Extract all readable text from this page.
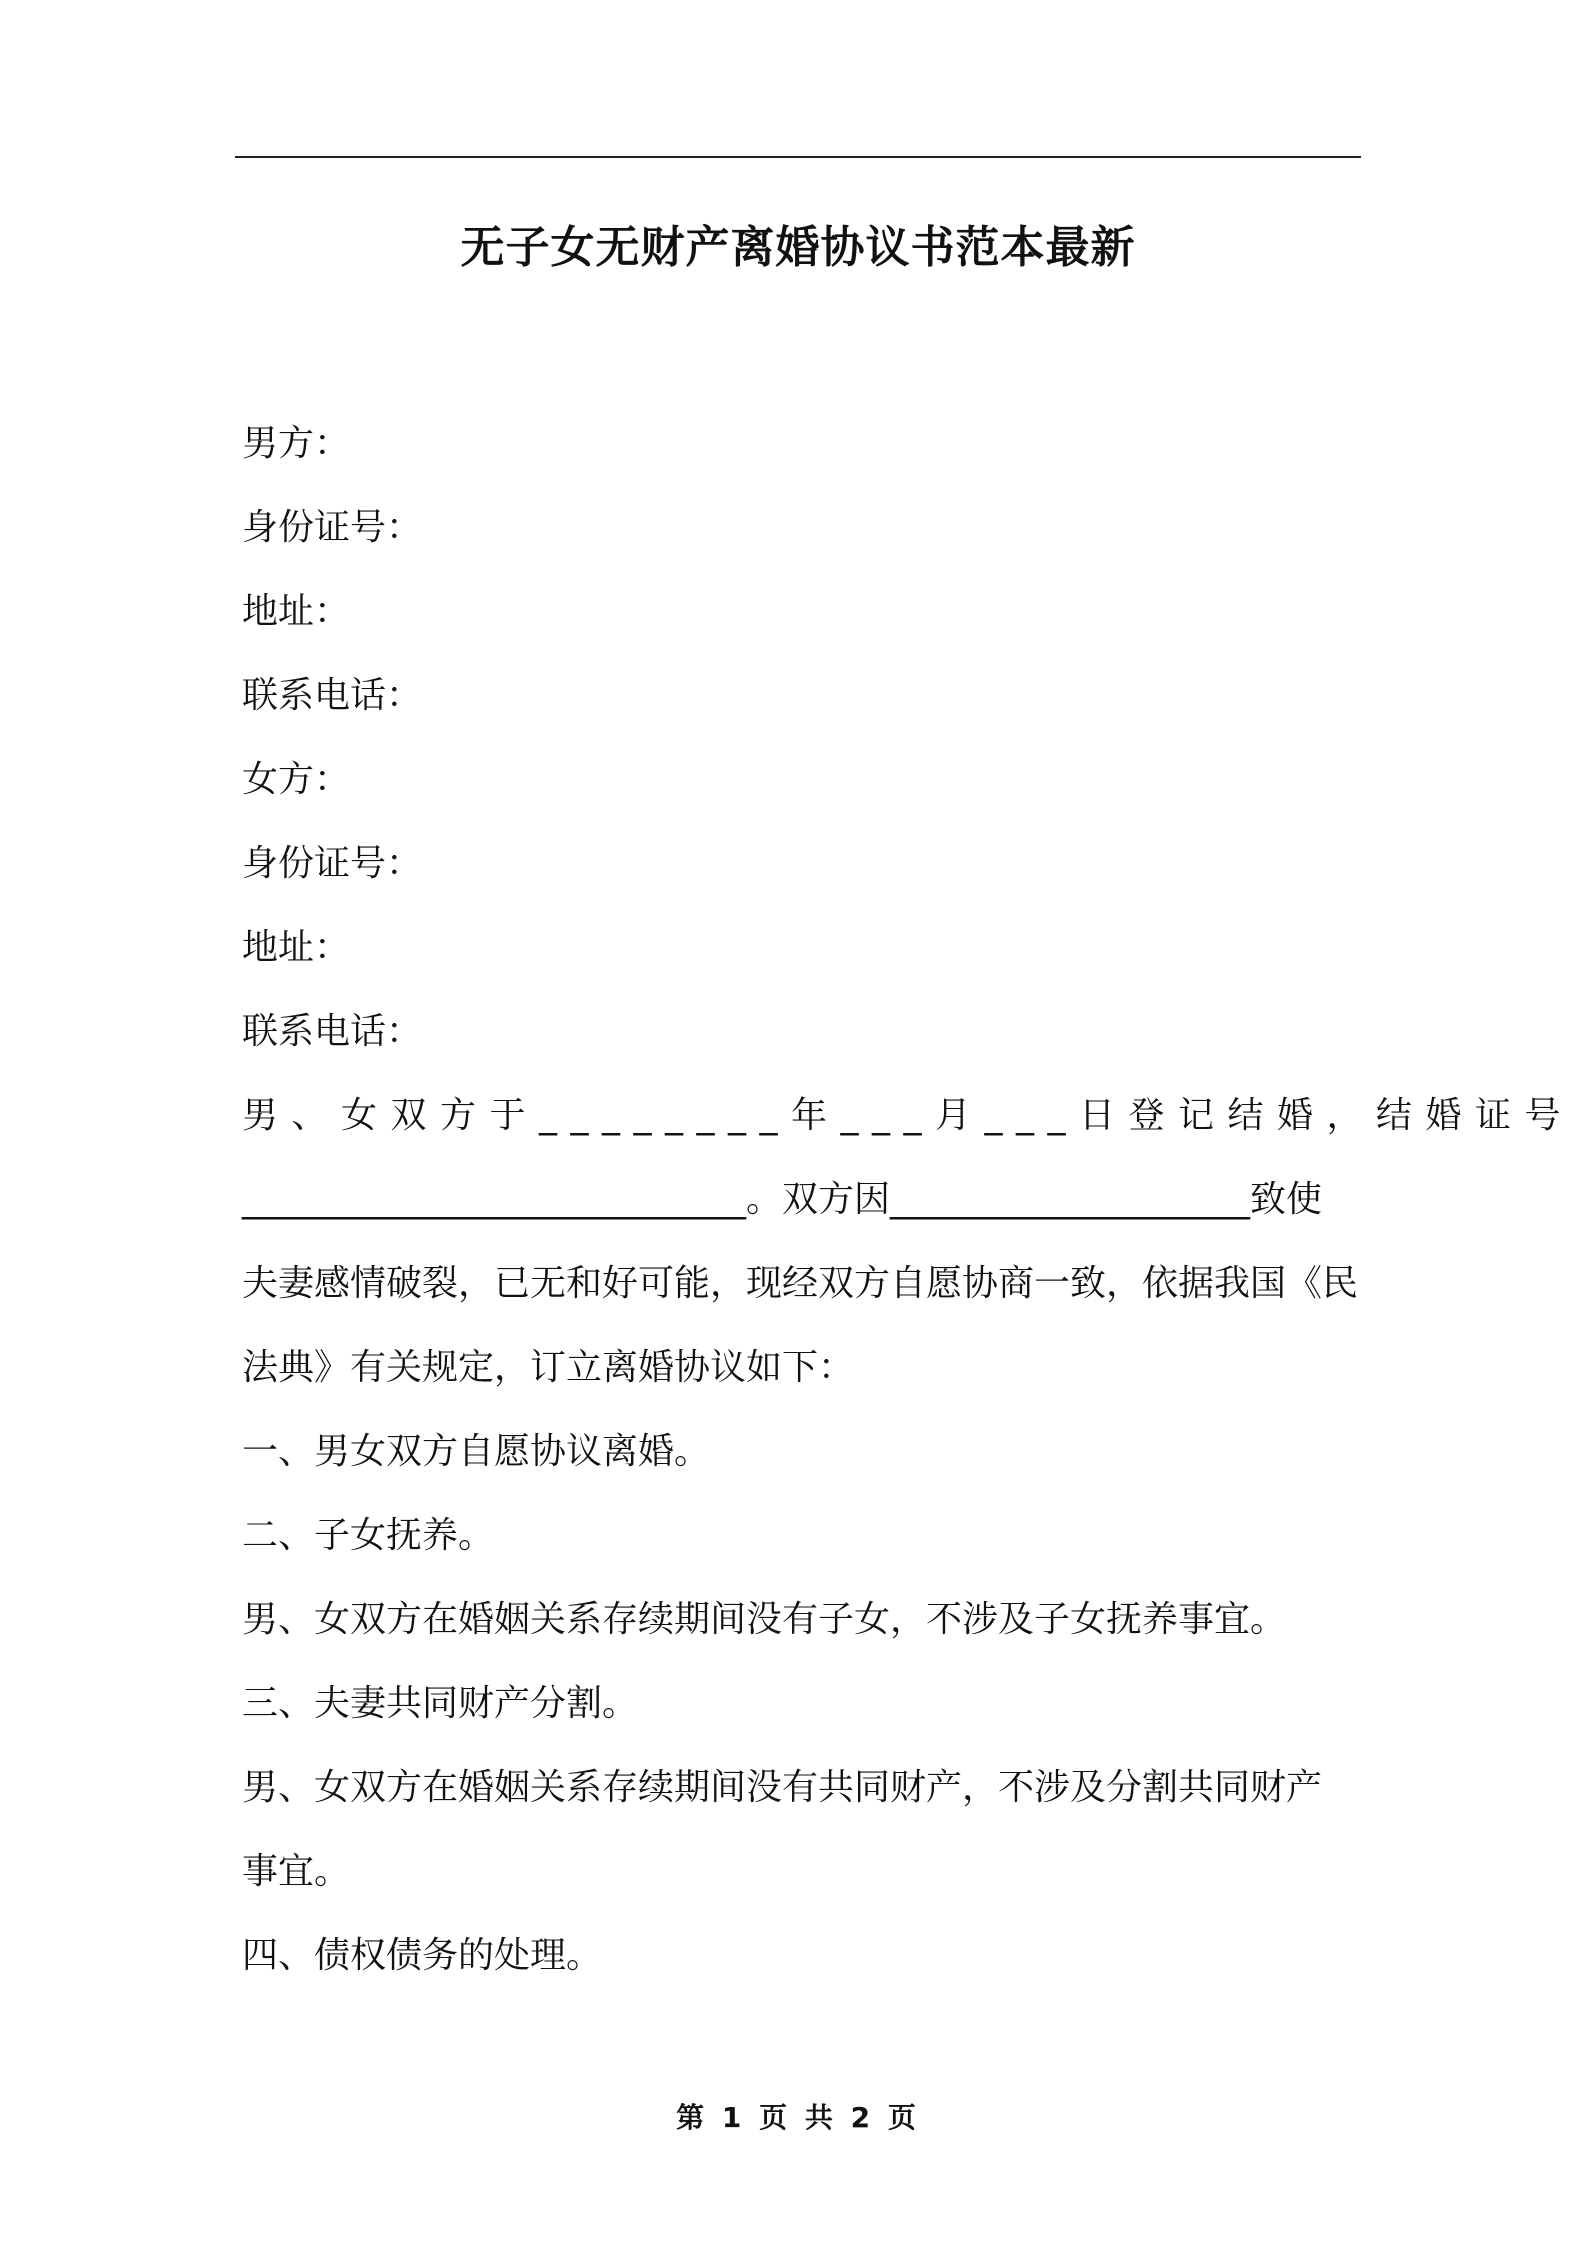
无子女无财产离婚协议书范本最新

男方：

身份证号：

地址：

联系电话：

女方：

身份证号：

地址：

联系电话：

男、女双方于________年___月___日登记结婚，结婚证号

____________________________。双方因____________________致使

夫妻感情破裂，已无和好可能，现经双方自愿协商一致，依据我国《民

法典》有关规定，订立离婚协议如下：

一、男女双方自愿协议离婚。

二、子女抚养。

男、女双方在婚姻关系存续期间没有子女，不涉及子女抚养事宜。

三、夫妻共同财产分割。

男、女双方在婚姻关系存续期间没有共同财产，不涉及分割共同财产

事宜。

四、债权债务的处理。

第 1 页 共 2 页
